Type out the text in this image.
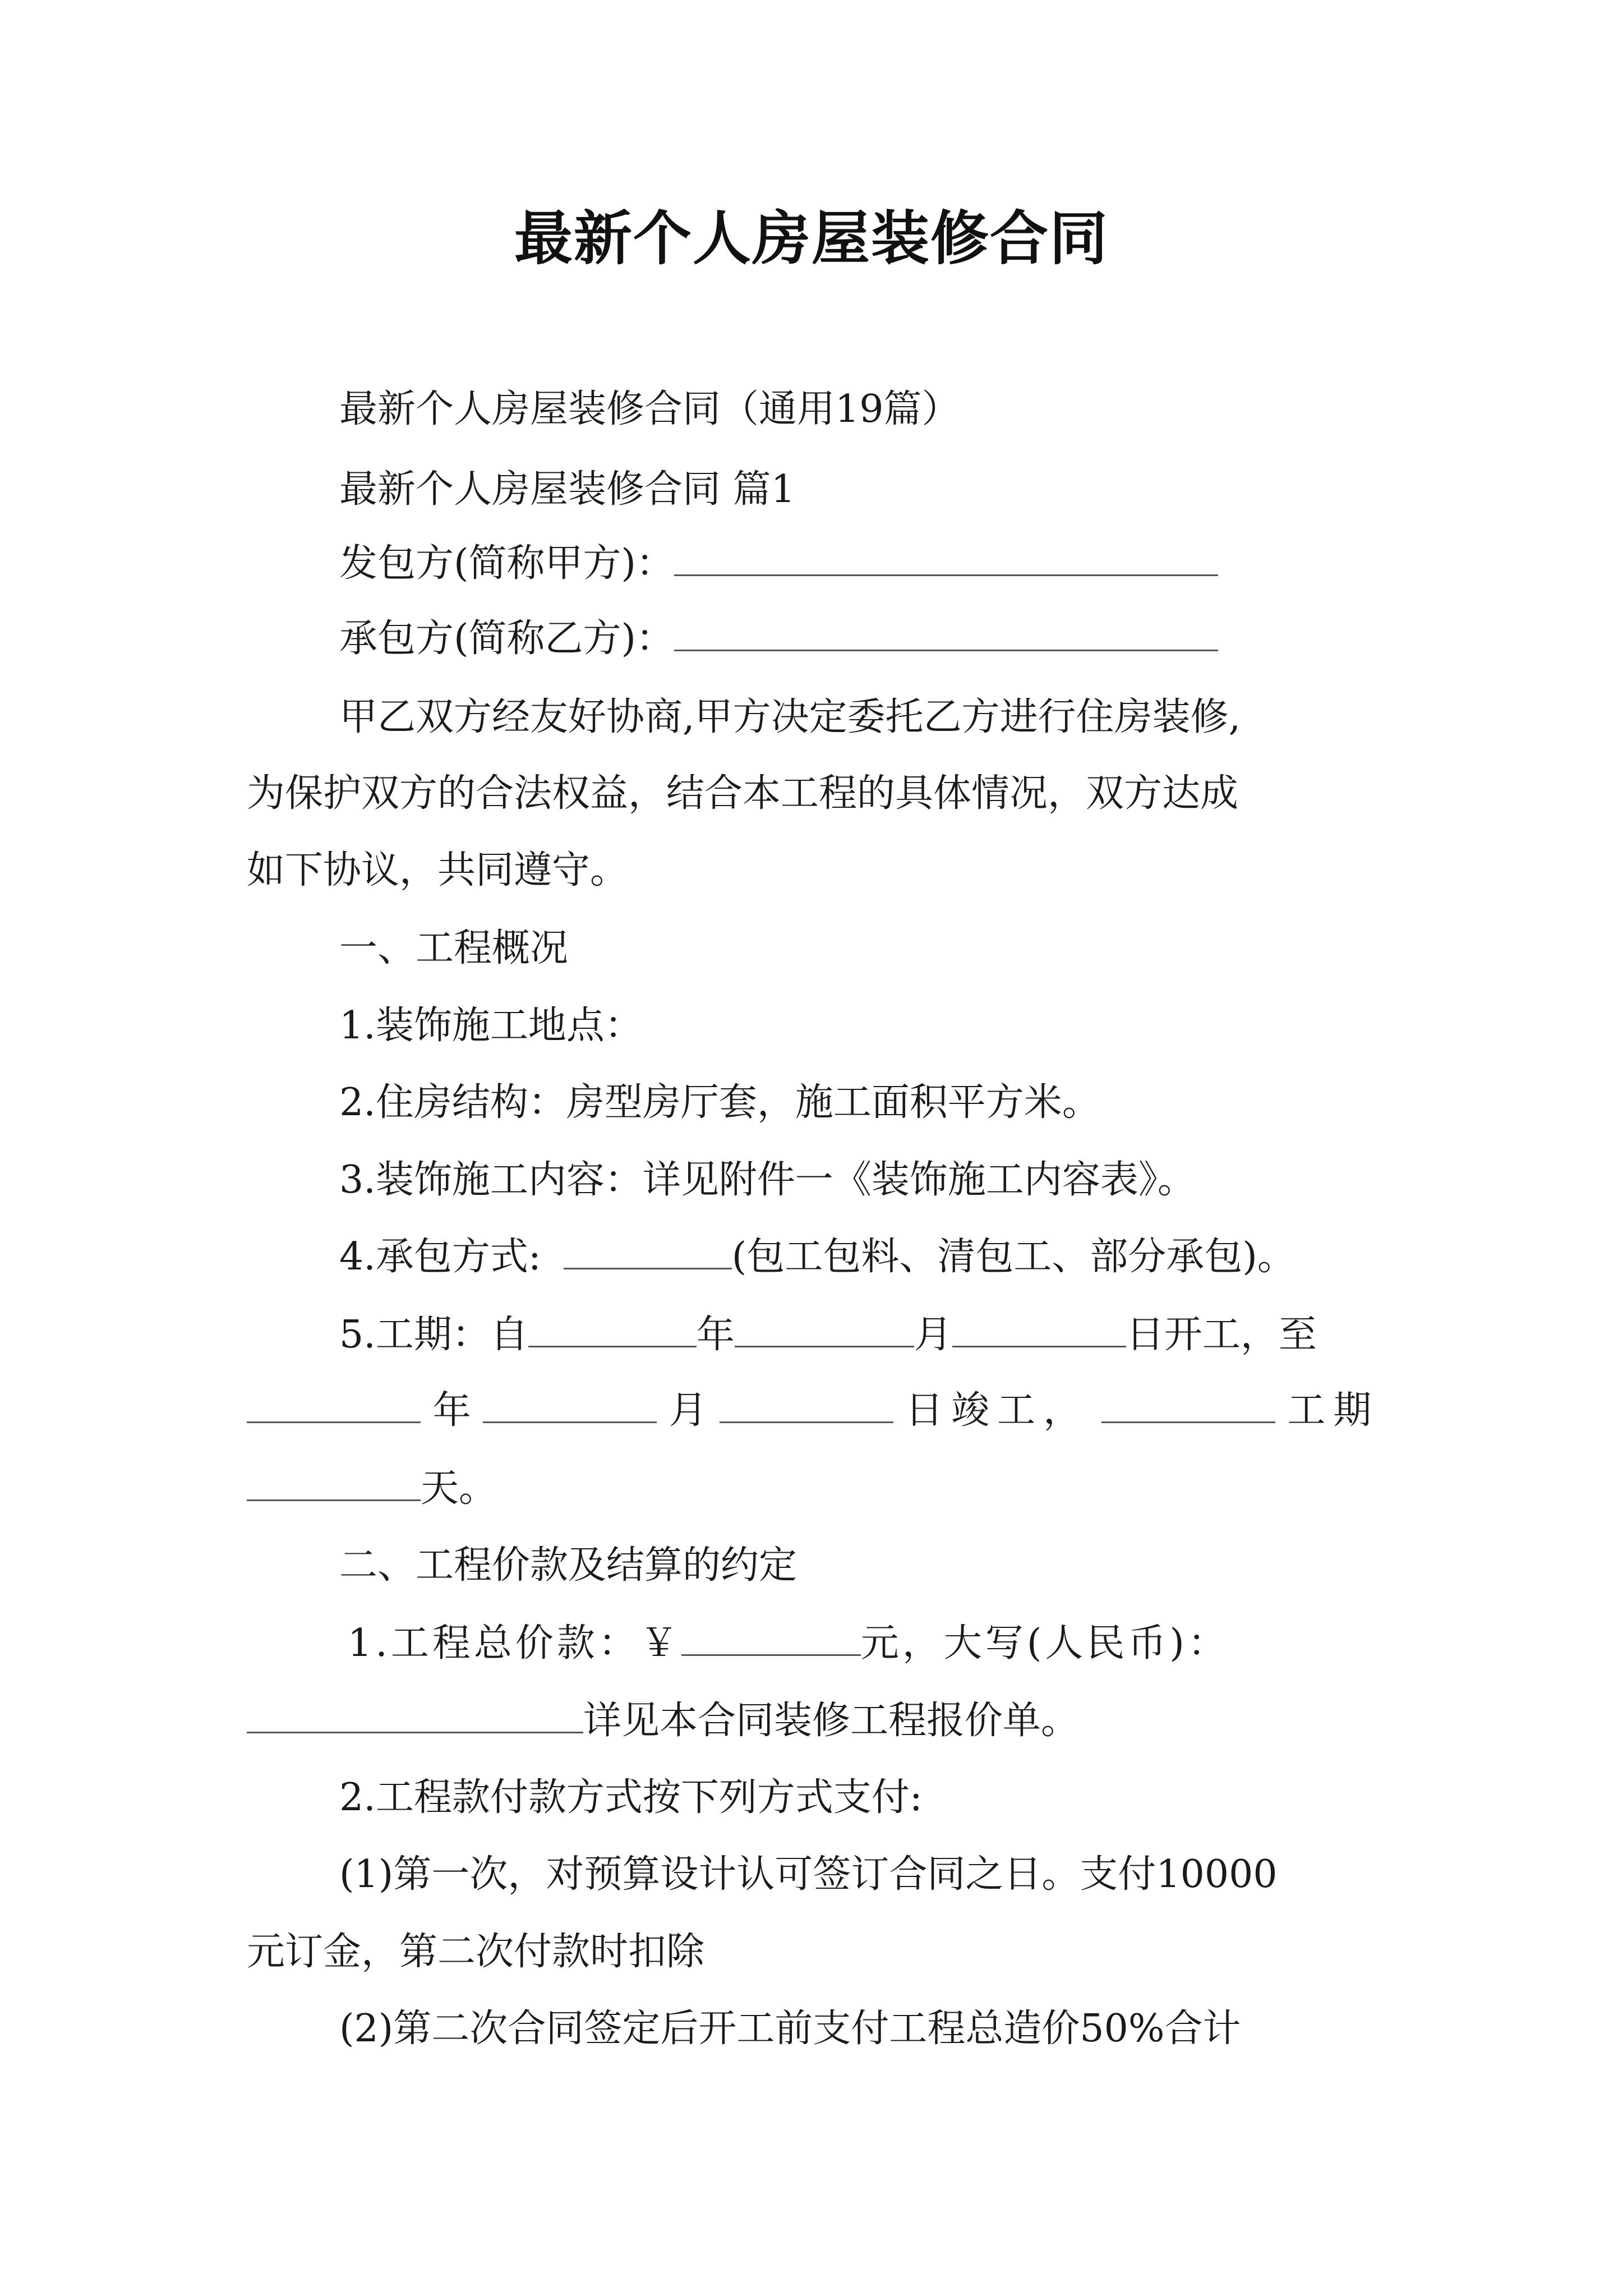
最新个人房屋装修合同
最新个人房屋装修合同（通用19篇）
最新个人房屋装修合同 篇1
发包方(简称甲方)：
承包方(简称乙方)：
甲乙双方经友好协商,甲方决定委托乙方进行住房装修,
为保护双方的合法权益，结合本工程的具体情况，双方达成
如下协议，共同遵守。
一、工程概况
1.装饰施工地点：
2.住房结构：房型房厅套，施工面积平方米。
3.装饰施工内容：详见附件一《装饰施工内容表》。
4.承包方式:	(包工包料、清包工、部分承包)。
5.工期：自	年	月	日开工，至
年	月	日竣工，	工期
天。
二、工程价款及结算的约定
1.工程总价款：￥	元，大写(人民币)：
详见本合同装修工程报价单。
2.工程款付款方式按下列方式支付:
(1)第一次，对预算设计认可签订合同之日。支付10000
元订金，第二次付款时扣除
(2)第二次合同签定后开工前支付工程总造价50%合计
